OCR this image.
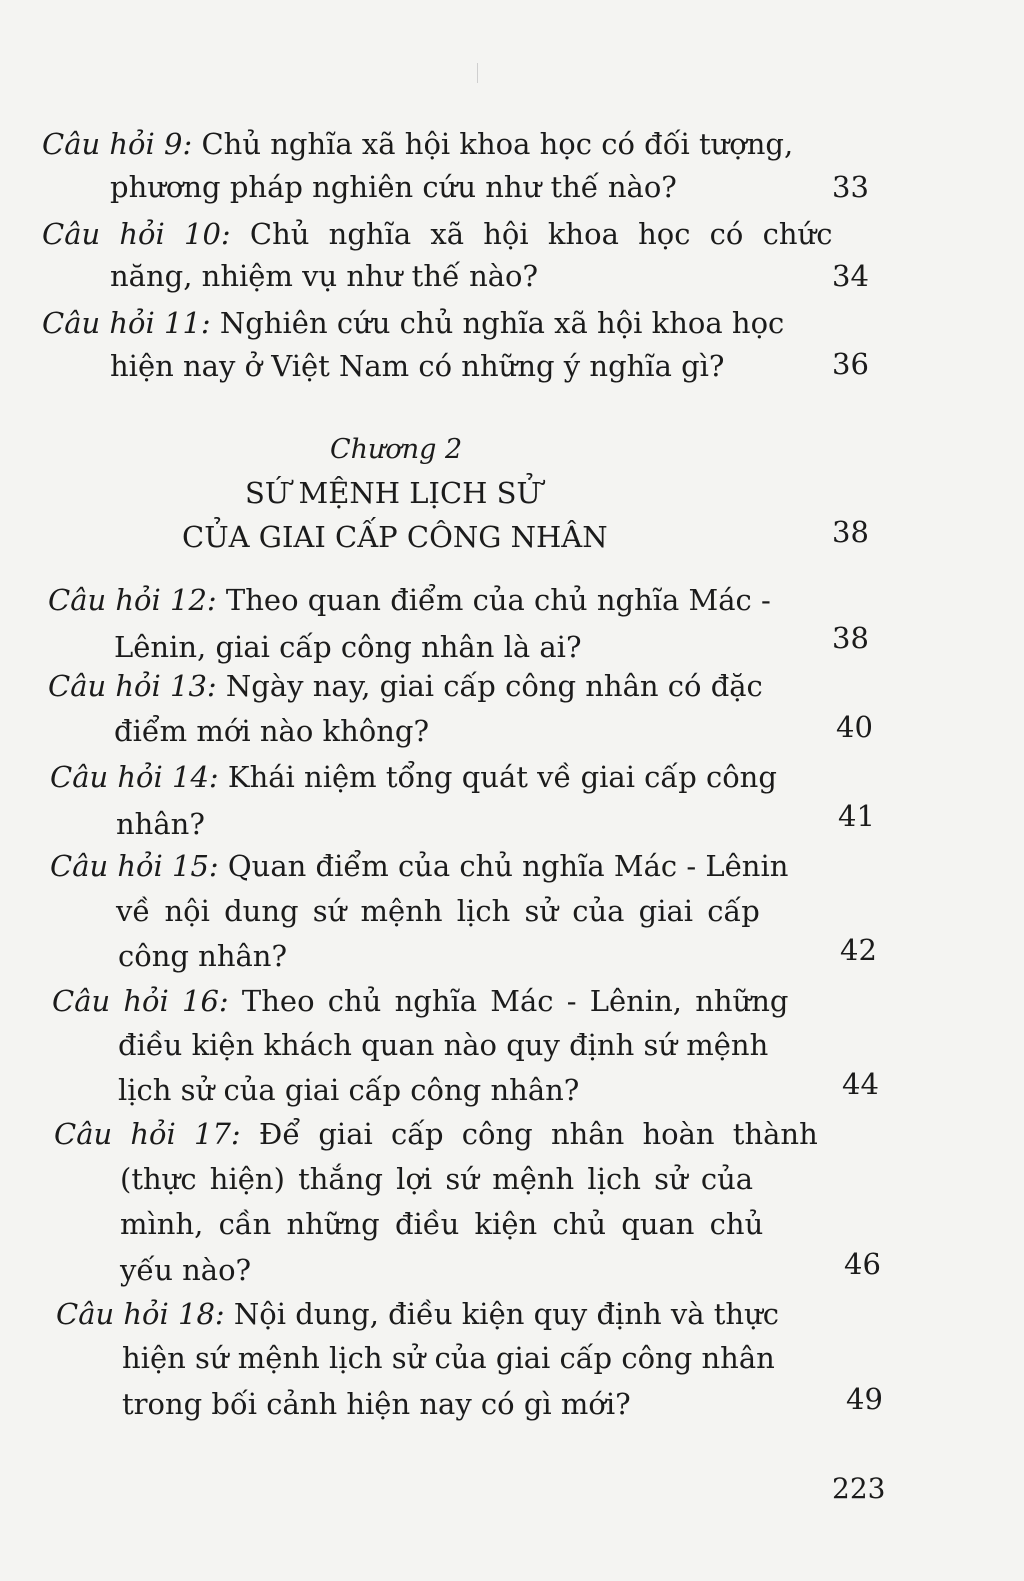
Câu hỏi 9: Chủ nghĩa xã hội khoa học có đối tượng,
phương pháp nghiên cứu như thế nào?	33
Câu hỏi 10: Chủ nghĩa xã hội khoa học có chức
năng, nhiệm vụ như thế nào?	34
Câu hỏi 11: Nghiên cứu chủ nghĩa xã hội khoa học
hiện nay ở Việt Nam có những ý nghĩa gì?	36
Chương 2
SỨ MỆNH LỊCH SỬ
CỦA GIAI CẤP CÔNG NHÂN	38
Câu hỏi 12: Theo quan điểm của chủ nghĩa Mác -
Lênin, giai cấp công nhân là ai?	38
Câu hỏi 13: Ngày nay, giai cấp công nhân có đặc
điểm mới nào không?	40
Câu hỏi 14: Khái niệm tổng quát về giai cấp công
nhân?	41
Câu hỏi 15: Quan điểm của chủ nghĩa Mác - Lênin
về nội dung sứ mệnh lịch sử của giai cấp
công nhân?	42
Câu hỏi 16: Theo chủ nghĩa Mác - Lênin, những
điều kiện khách quan nào quy định sứ mệnh
lịch sử của giai cấp công nhân?	44
Câu hỏi 17: Để giai cấp công nhân hoàn thành
(thực hiện) thắng lợi sứ mệnh lịch sử của
mình, cần những điều kiện chủ quan chủ
yếu nào?	46
Câu hỏi 18: Nội dung, điều kiện quy định và thực
hiện sứ mệnh lịch sử của giai cấp công nhân
trong bối cảnh hiện nay có gì mới?	49
223
